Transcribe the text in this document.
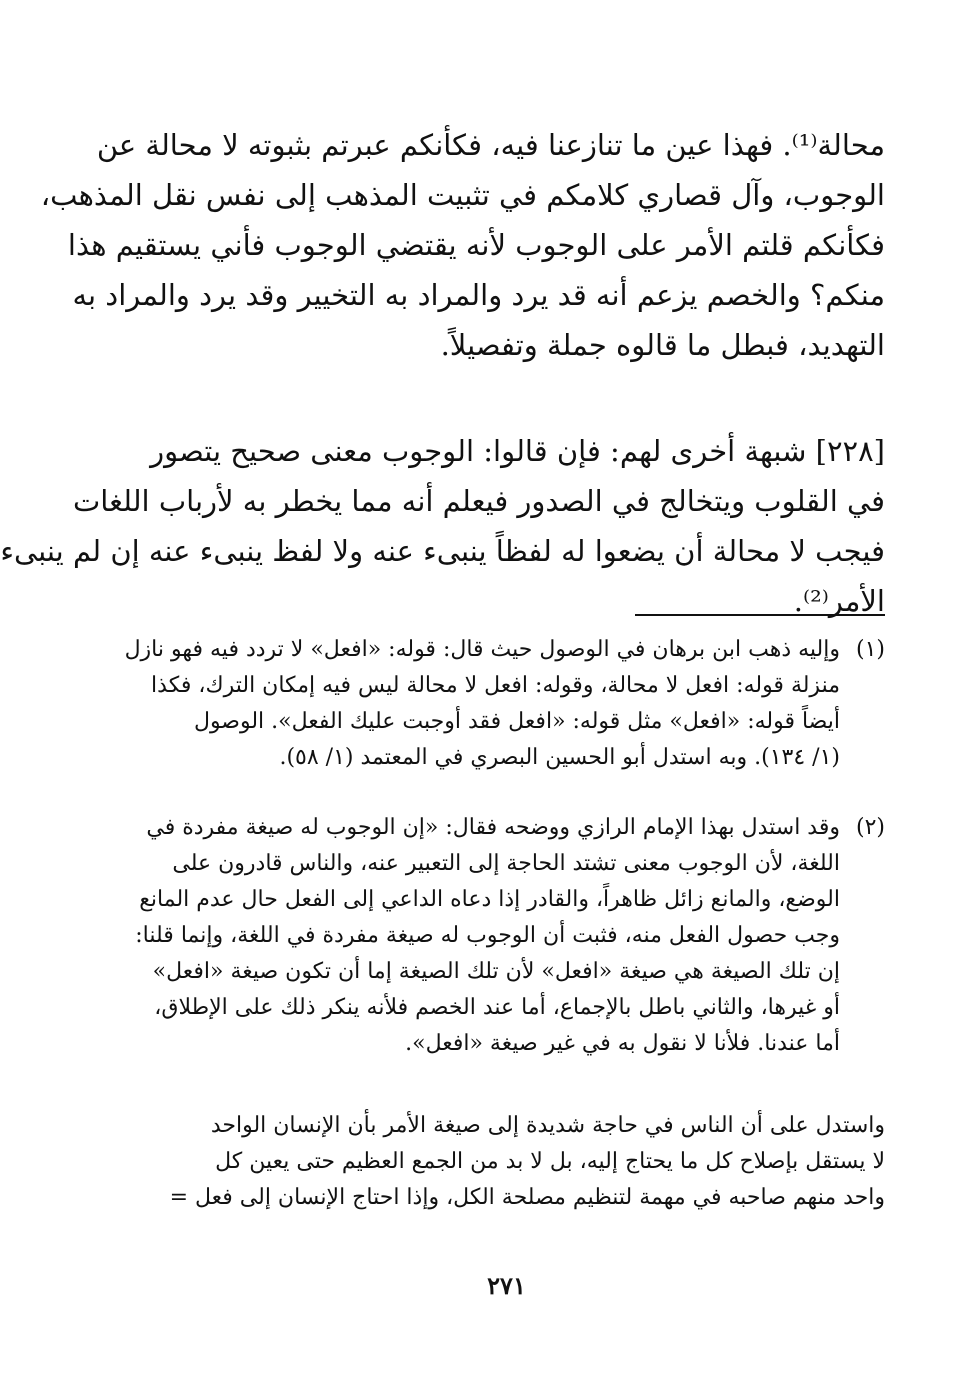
محالة⁽¹⁾. فهذا عين ما تنازعنا فيه، فكأنكم عبرتم بثبوته لا محالة عن
الوجوب، وآل قصاري كلامكم في تثبيت المذهب إلى نفس نقل المذهب،
فكأنكم قلتم الأمر على الوجوب لأنه يقتضي الوجوب فأني يستقيم هذا
منكم؟ والخصم يزعم أنه قد يرد والمراد به التخيير وقد يرد والمراد به
التهديد، فبطل ما قالوه جملة وتفصيلاً.
[٢٢٨] شبهة أخرى لهم: فإن قالوا: الوجوب معنى صحيح يتصور
في القلوب ويتخالج في الصدور فيعلم أنه مما يخطر به لأرباب اللغات
فيجب لا محالة أن يضعوا له لفظاً ينبىء عنه ولا لفظ ينبىء عنه إن لم ينبىء
الأمر⁽²⁾.
(١)
وإليه ذهب ابن برهان في الوصول حيث قال: قوله: «افعل» لا تردد فيه فهو نازل
منزلة قوله: افعل لا محالة، وقوله: افعل لا محالة ليس فيه إمكان الترك، فكذا
أيضاً قوله: «افعل» مثل قوله: «افعل فقد أوجبت عليك الفعل». الوصول
(١/ ١٣٤). وبه استدل أبو الحسين البصري في المعتمد (١/ ٥٨).
(٢)
وقد استدل بهذا الإمام الرازي ووضحه فقال: «إن الوجوب له صيغة مفردة في
اللغة، لأن الوجوب معنى تشتد الحاجة إلى التعبير عنه، والناس قادرون على
الوضع، والمانع زائل ظاهراً، والقادر إذا دعاه الداعي إلى الفعل حال عدم المانع
وجب حصول الفعل منه، فثبت أن الوجوب له صيغة مفردة في اللغة، وإنما قلنا:
إن تلك الصيغة هي صيغة «افعل» لأن تلك الصيغة إما أن تكون صيغة «افعل»
أو غيرها، والثاني باطل بالإجماع، أما عند الخصم فلأنه ينكر ذلك على الإطلاق،
أما عندنا. فلأنا لا نقول به في غير صيغة «افعل».
واستدل على أن الناس في حاجة شديدة إلى صيغة الأمر بأن الإنسان الواحد
لا يستقل بإصلاح كل ما يحتاج إليه، بل لا بد من الجمع العظيم حتى يعين كل
واحد منهم صاحبه في مهمة لتنظيم مصلحة الكل، وإذا احتاج الإنسان إلى فعل =
٢٧١
